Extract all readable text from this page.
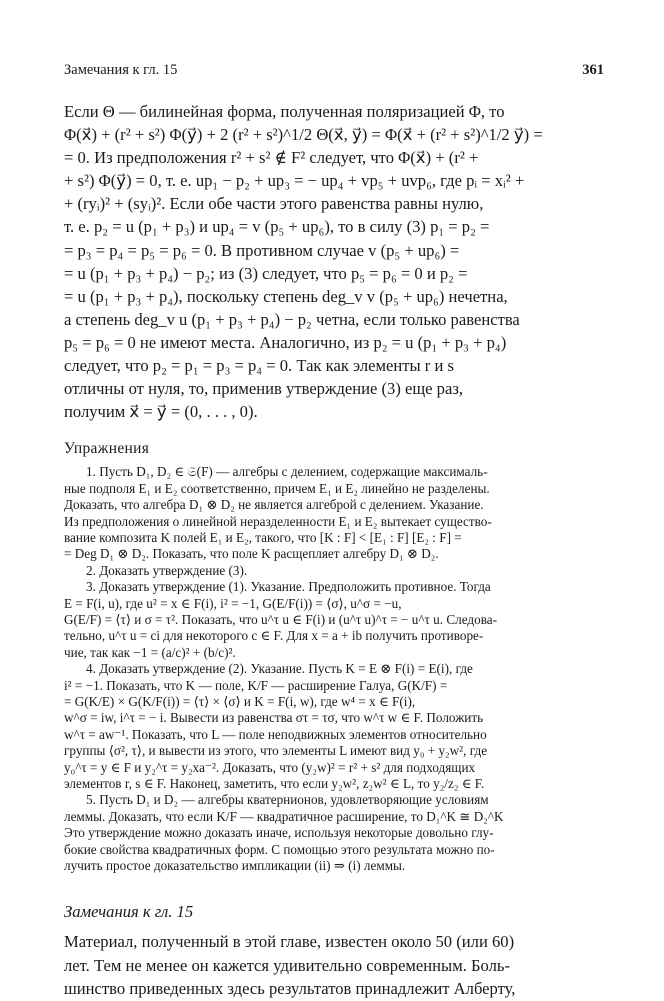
Замечания к гл. 15	361
Если Θ — билинейная форма, полученная поляризацией Φ, то
Φ(x⃗) + (r² + s²) Φ(y⃗) + 2 (r² + s²)^1/2 Θ(x⃗, y⃗) = Φ(x⃗ + (r² + s²)^1/2 y⃗) =
= 0. Из предположения r² + s² ∉ F² следует, что Φ(x⃗) + (r² +
+ s²) Φ(y⃗) = 0, т. е. up₁ − p₂ + up₃ = − up₄ + vp₅ + uvp₆, где pᵢ = xᵢ² +
+ (ryᵢ)² + (syᵢ)². Если обе части этого равенства равны нулю,
т. е. p₂ = u (p₁ + p₃) и up₄ = v (p₅ + up₆), то в силу (3) p₁ = p₂ =
= p₃ = p₄ = p₅ = p₆ = 0. В противном случае v (p₅ + up₆) =
= u (p₁ + p₃ + p₄) − p₂; из (3) следует, что p₅ = p₆ = 0 и p₂ =
= u (p₁ + p₃ + p₄), поскольку степень deg_v v (p₅ + up₆) нечетна,
а степень deg_v u (p₁ + p₃ + p₄) − p₂ четна, если только равенства
p₅ = p₆ = 0 не имеют места. Аналогично, из p₂ = u (p₁ + p₃ + p₄)
следует, что p₂ = p₁ = p₃ = p₄ = 0. Так как элементы r и s
отличны от нуля, то, применив утверждение (3) еще раз,
получим x⃗ = y⃗ = (0, . . . , 0).
Упражнения
1. Пусть D₁, D₂ ∈ 𝔖(F) — алгебры с делением, содержащие максималь-
ные подполя E₁ и E₂ соответственно, причем E₁ и E₂ линейно не разделены.
Доказать, что алгебра D₁ ⊗ D₂ не является алгеброй с делением. Указание.
Из предположения о линейной неразделенности E₁ и E₂ вытекает существо-
вание композита K полей E₁ и E₂, такого, что [K : F] < [E₁ : F] [E₂ : F] =
= Deg D₁ ⊗ D₂. Показать, что поле K расщепляет алгебру D₁ ⊗ D₂.
2. Доказать утверждение (3).
3. Доказать утверждение (1). Указание. Предположить противное. Тогда
E = F(i, u), где u² = x ∈ F(i), i² = −1, G(E/F(i)) = ⟨σ⟩, u^σ = −u,
G(E/F) = ⟨τ⟩ и σ = τ². Показать, что u^τ u ∈ F(i) и (u^τ u)^τ = − u^τ u. Следова-
тельно, u^τ u = ci для некоторого c ∈ F. Для x = a + ib получить противоре-
чие, так как −1 = (a/c)² + (b/c)².
4. Доказать утверждение (2). Указание. Пусть K = E ⊗ F(i) = E(i), где
i² = −1. Показать, что K — поле, K/F — расширение Галуа, G(K/F) =
= G(K/E) × G(K/F(i)) = ⟨τ⟩ × ⟨σ⟩ и K = F(i, w), где w⁴ = x ∈ F(i),
w^σ = iw, i^τ = − i. Вывести из равенства στ = τσ, что w^τ w ∈ F. Положить
w^τ = aw⁻¹. Показать, что L — поле неподвижных элементов относительно
группы ⟨σ², τ⟩, и вывести из этого, что элементы L имеют вид y₀ + y₂w², где
y₀^τ = y ∈ F и y₂^τ = y₂xa⁻². Доказать, что (y₂w)² = r² + s² для подходящих
элементов r, s ∈ F. Наконец, заметить, что если y₂w², z₂w² ∈ L, то y₂/z₂ ∈ F.
5. Пусть D₁ и D₂ — алгебры кватернионов, удовлетворяющие условиям
леммы. Доказать, что если K/F — квадратичное расширение, то D₁^K ≅ D₂^K
Это утверждение можно доказать иначе, используя некоторые довольно глу-
бокие свойства квадратичных форм. С помощью этого результата можно по-
лучить простое доказательство импликации (ii) ⇒ (i) леммы.
Замечания к гл. 15
Материал, полученный в этой главе, известен около 50 (или 60)
лет. Тем не менее он кажется удивительно современным. Боль-
шинство приведенных здесь результатов принадлежит Алберту,
